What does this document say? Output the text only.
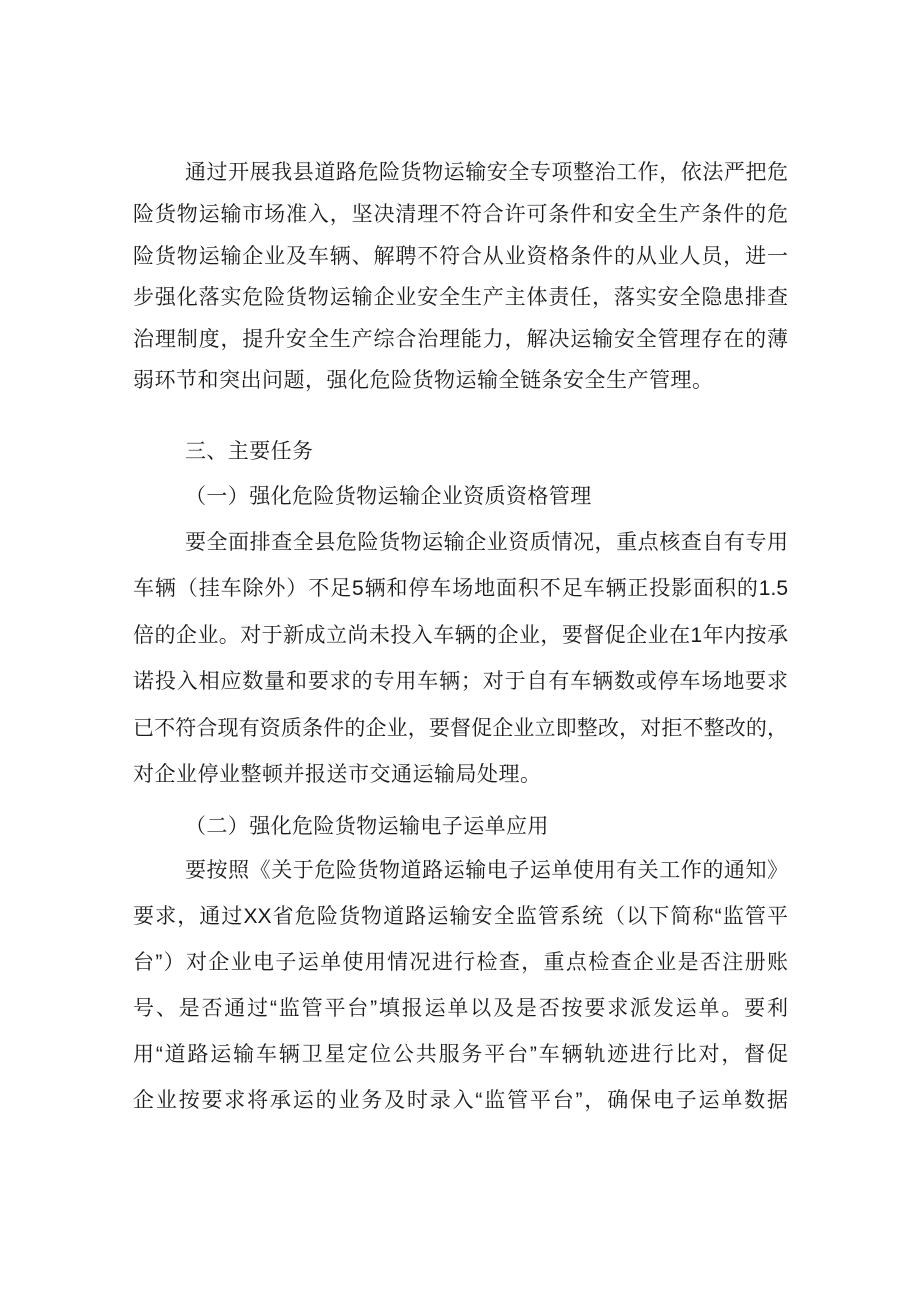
通过开展我县道路危险货物运输安全专项整治工作，依法严把危
险货物运输市场准入，坚决清理不符合许可条件和安全生产条件的危
险货物运输企业及车辆、解聘不符合从业资格条件的从业人员，进一
步强化落实危险货物运输企业安全生产主体责任，落实安全隐患排查
治理制度，提升安全生产综合治理能力，解决运输安全管理存在的薄
弱环节和突出问题，强化危险货物运输全链条安全生产管理。
三、主要任务
（一）强化危险货物运输企业资质资格管理
要全面排查全县危险货物运输企业资质情况，重点核查自有专用
车辆（挂车除外）不足5辆和停车场地面积不足车辆正投影面积的1.5
倍的企业。对于新成立尚未投入车辆的企业，要督促企业在1年内按承
诺投入相应数量和要求的专用车辆；对于自有车辆数或停车场地要求
已不符合现有资质条件的企业，要督促企业立即整改，对拒不整改的，
对企业停业整顿并报送市交通运输局处理。
（二）强化危险货物运输电子运单应用
要按照《关于危险货物道路运输电子运单使用有关工作的通知》
要求，通过XX省危险货物道路运输安全监管系统（以下简称“监管平
台”）对企业电子运单使用情况进行检查，重点检查企业是否注册账
号、是否通过“监管平台”填报运单以及是否按要求派发运单。要利
用“道路运输车辆卫星定位公共服务平台”车辆轨迹进行比对，督促
企业按要求将承运的业务及时录入“监管平台”，确保电子运单数据
